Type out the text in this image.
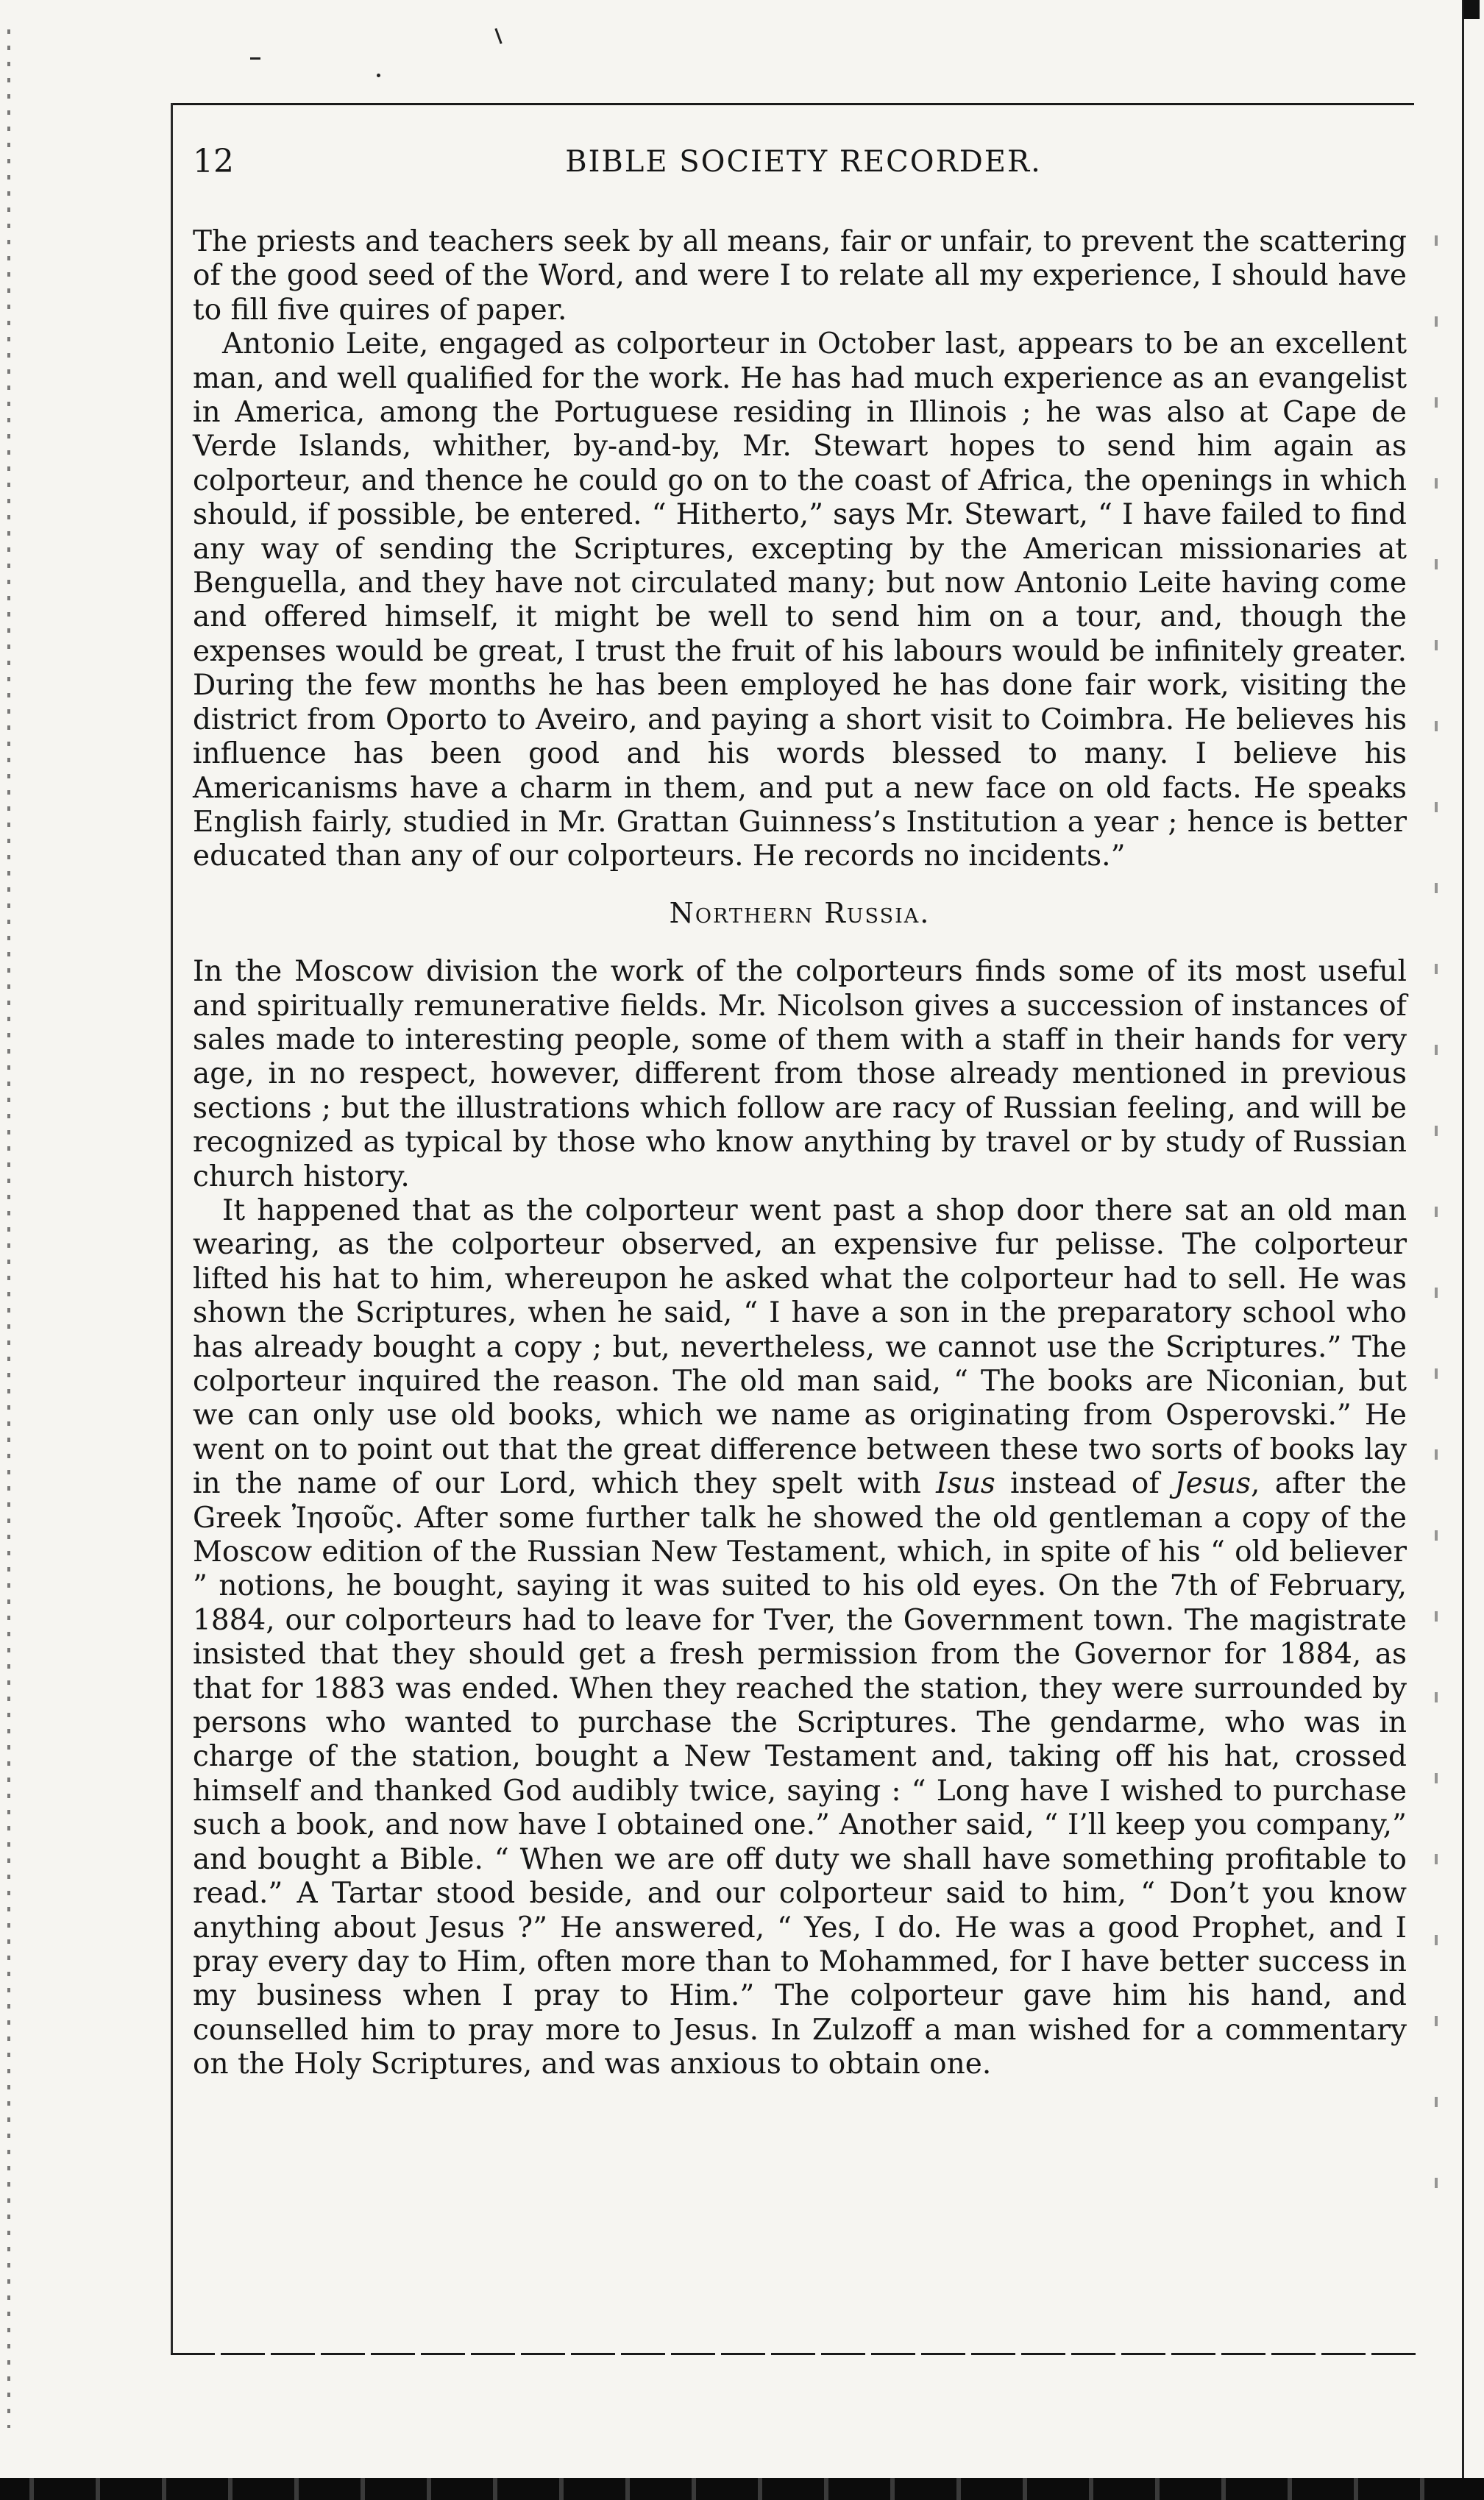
12	BIBLE SOCIETY RECORDER.

The priests and teachers seek by all means, fair or unfair, to prevent the scattering of the good seed of the Word, and were I to relate all my experience, I should have to fill five quires of paper.

Antonio Leite, engaged as colporteur in October last, appears to be an excellent man, and well qualified for the work. He has had much experience as an evangelist in America, among the Portuguese residing in Illinois ; he was also at Cape de Verde Islands, whither, by-and-by, Mr. Stewart hopes to send him again as colporteur, and thence he could go on to the coast of Africa, the openings in which should, if possible, be entered. “ Hitherto,” says Mr. Stewart, “ I have failed to find any way of sending the Scriptures, excepting by the American missionaries at Benguella, and they have not circulated many; but now Antonio Leite having come and offered himself, it might be well to send him on a tour, and, though the expenses would be great, I trust the fruit of his labours would be infinitely greater. During the few months he has been employed he has done fair work, visiting the district from Oporto to Aveiro, and paying a short visit to Coimbra. He believes his influence has been good and his words blessed to many. I believe his Americanisms have a charm in them, and put a new face on old facts. He speaks English fairly, studied in Mr. Grattan Guinness’s Institution a year ; hence is better educated than any of our colporteurs. He records no incidents.”

Northern Russia.

In the Moscow division the work of the colporteurs finds some of its most useful and spiritually remunerative fields. Mr. Nicolson gives a succession of instances of sales made to interesting people, some of them with a staff in their hands for very age, in no respect, however, different from those already mentioned in previous sections ; but the illustrations which follow are racy of Russian feeling, and will be recognized as typical by those who know anything by travel or by study of Russian church history.

It happened that as the colporteur went past a shop door there sat an old man wearing, as the colporteur observed, an expensive fur pelisse. The colporteur lifted his hat to him, whereupon he asked what the colporteur had to sell. He was shown the Scriptures, when he said, “ I have a son in the preparatory school who has already bought a copy ; but, nevertheless, we cannot use the Scriptures.” The colporteur inquired the reason. The old man said, “ The books are Niconian, but we can only use old books, which we name as originating from Osperovski.” He went on to point out that the great difference between these two sorts of books lay in the name of our Lord, which they spelt with Isus instead of Jesus, after the Greek Ἰησοῦς. After some further talk he showed the old gentleman a copy of the Moscow edition of the Russian New Testament, which, in spite of his “ old believer ” notions, he bought, saying it was suited to his old eyes. On the 7th of February, 1884, our colporteurs had to leave for Tver, the Government town. The magistrate insisted that they should get a fresh permission from the Governor for 1884, as that for 1883 was ended. When they reached the station, they were surrounded by persons who wanted to purchase the Scriptures. The gendarme, who was in charge of the station, bought a New Testament and, taking off his hat, crossed himself and thanked God audibly twice, saying : “ Long have I wished to purchase such a book, and now have I obtained one.” Another said, “ I’ll keep you company,” and bought a Bible. “ When we are off duty we shall have something profitable to read.” A Tartar stood beside, and our colporteur said to him, “ Don’t you know anything about Jesus ?” He answered, “ Yes, I do. He was a good Prophet, and I pray every day to Him, often more than to Mohammed, for I have better success in my business when I pray to Him.” The colporteur gave him his hand, and counselled him to pray more to Jesus. In Zulzoff a man wished for a commentary on the Holy Scriptures, and was anxious to obtain one.
